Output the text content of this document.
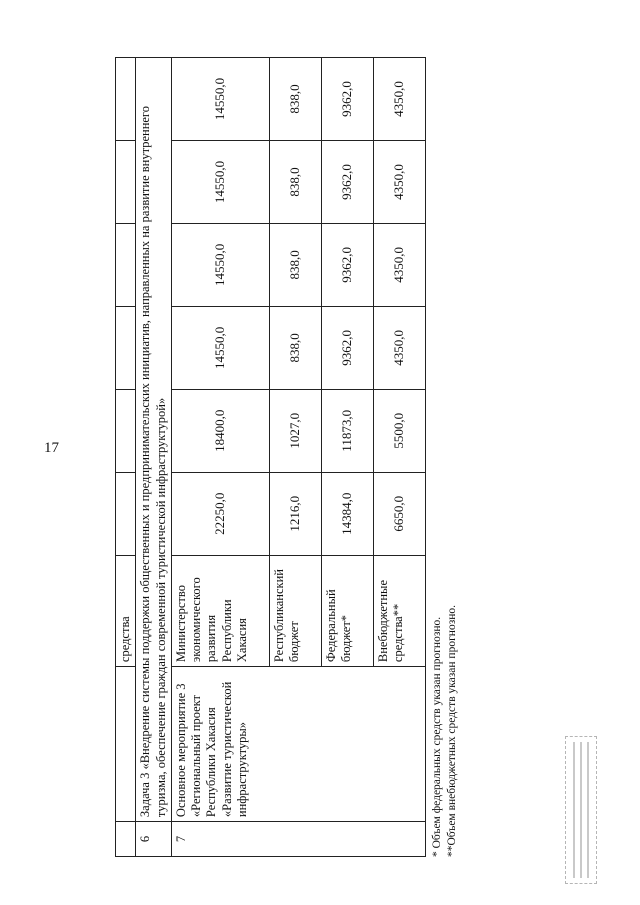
17
		средства						
6	Задача 3 «Внедрение системы поддержки общественных и предпринимательских инициатив, направленных на развитие внутреннего туризма, обеспечение граждан современной туристической инфраструктурой»							
7	Основное мероприятие 3 «Региональный проект Республики Хакасия «Развитие туристической инфраструктуры»	Министерство экономического развития Республики Хакасия	22250,0	18400,0	14550,0	14550,0	14550,0	14550,0
		Республиканский бюджет	1216,0	1027,0	838,0	838,0	838,0	838,0
		Федеральный бюджет*	14384,0	11873,0	9362,0	9362,0	9362,0	9362,0
		Внебюджетные средства**	6650,0	5500,0	4350,0	4350,0	4350,0	4350,0
* Объем федеральных средств указан прогнозно. **Объем внебюджетных средств указан прогнозно.
